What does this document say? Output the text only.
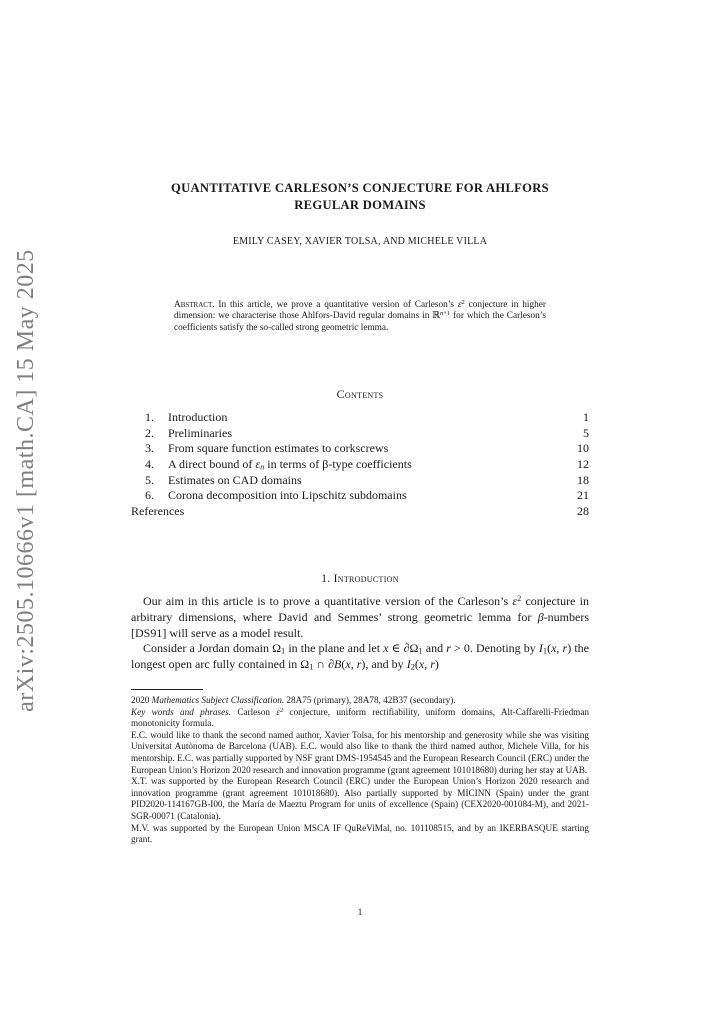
arXiv:2505.10666v1 [math.CA] 15 May 2025
QUANTITATIVE CARLESON’S CONJECTURE FOR AHLFORS
REGULAR DOMAINS
EMILY CASEY, XAVIER TOLSA, AND MICHELE VILLA
Abstract. In this article, we prove a quantitative version of Carleson’s $\varepsilon^2$ conjecture in higher dimension: we characterise those Ahlfors-David regular domains in ℝ$^{n+1}$ for which the Carleson’s coefficients satisfy the so-called strong geometric lemma.
Contents
1.	Introduction	1
2.	Preliminaries	5
3.	From square function estimates to corkscrews	10
4.	A direct bound of $\varepsilon_n$ in terms of β-type coefficients	12
5.	Estimates on CAD domains	18
6.	Corona decomposition into Lipschitz subdomains	21
References	28
1. Introduction

Our aim in this article is to prove a quantitative version of the Carleson’s $\varepsilon^2$ conjecture in arbitrary dimensions, where David and Semmes’ strong geometric lemma for β-numbers [DS91] will serve as a model result.

Consider a Jordan domain $\Omega_1$ in the plane and let x ∈ $\partial\Omega_1$ and r > 0. Denoting by $I_1(x$, r) the longest open arc fully contained in $\Omega_1$ ∩ ∂B(x, r), and by $I_2(x$, r)

2020 Mathematics Subject Classification. 28A75 (primary), 28A78, 42B37 (secondary).

Key words and phrases. Carleson $\varepsilon^2$ conjecture, uniform rectifiability, uniform domains, Alt-Caffarelli-Friedman monotonicity formula.

E.C. would like to thank the second named author, Xavier Tolsa, for his mentorship and generosity while she was visiting Universitat Autònoma de Barcelona (UAB). E.C. would also like to thank the third named author, Michele Villa, for his mentorship. E.C. was partially supported by NSF grant DMS-1954545 and the European Research Council (ERC) under the European Union’s Horizon 2020 research and innovation programme (grant agreement 101018680) during her stay at UAB.

X.T. was supported by the European Research Council (ERC) under the European Union’s Horizon 2020 research and innovation programme (grant agreement 101018680). Also partially supported by MICINN (Spain) under the grant PID2020-114167GB-I00, the María de Maeztu Program for units of excellence (Spain) (CEX2020-001084-M), and 2021-SGR-00071 (Catalonia).

M.V. was supported by the European Union MSCA IF QuReViMal, no. 101108515, and by an IKERBASQUE starting grant.

1
